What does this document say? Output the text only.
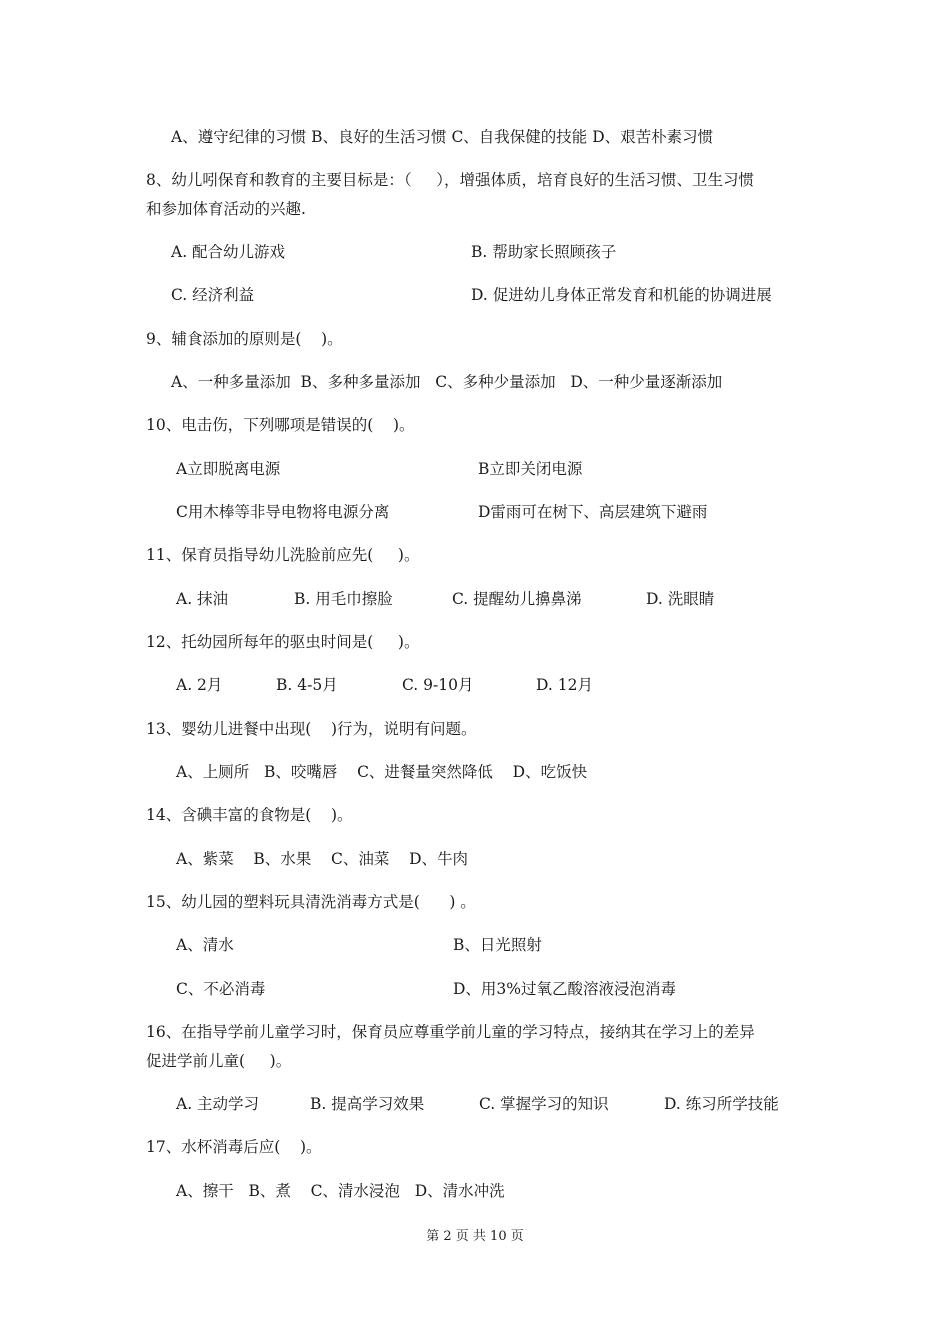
A、遵守纪律的习惯 B、良好的生活习惯 C、自我保健的技能 D、艰苦朴素习惯
8、幼儿吲保育和教育的主要目标是：（     ），增强体质，培育良好的生活习惯、卫生习惯
和参加体育活动的兴趣.
A. 配合幼儿游戏	B. 帮助家长照顾孩子
C. 经济利益	D. 促进幼儿身体正常发育和机能的协调进展
9、辅食添加的原则是(    )。
A、一种多量添加  B、多种多量添加   C、多种少量添加   D、一种少量逐渐添加
10、电击伤，下列哪项是错误的(    )。
A立即脱离电源	B立即关闭电源
C用木棒等非导电物将电源分离	D雷雨可在树下、高层建筑下避雨
11、保育员指导幼儿洗脸前应先(     )。
A. 抹油	B. 用毛巾擦脸	C. 提醒幼儿擤鼻涕	D. 洗眼睛
12、托幼园所每年的驱虫时间是(     )。
A. 2月	B. 4-5月	C. 9-10月	D. 12月
13、婴幼儿进餐中出现(    )行为，说明有问题。
A、上厕所   B、咬嘴唇    C、进餐量突然降低    D、吃饭快
14、含碘丰富的食物是(    )。
A、紫菜    B、水果    C、油菜    D、牛肉
15、幼儿园的塑料玩具清洗消毒方式是(      ) 。
A、清水	B、日光照射
C、不必消毒	D、用3%过氧乙酸溶液浸泡消毒
16、在指导学前儿童学习时，保育员应尊重学前儿童的学习特点，接纳其在学习上的差异
促进学前儿童(     )。
A. 主动学习	B. 提高学习效果	C. 掌握学习的知识	D. 练习所学技能
17、水杯消毒后应(    )。
A、擦干   B、煮    C、清水浸泡   D、清水冲洗
第 2 页 共 10 页
